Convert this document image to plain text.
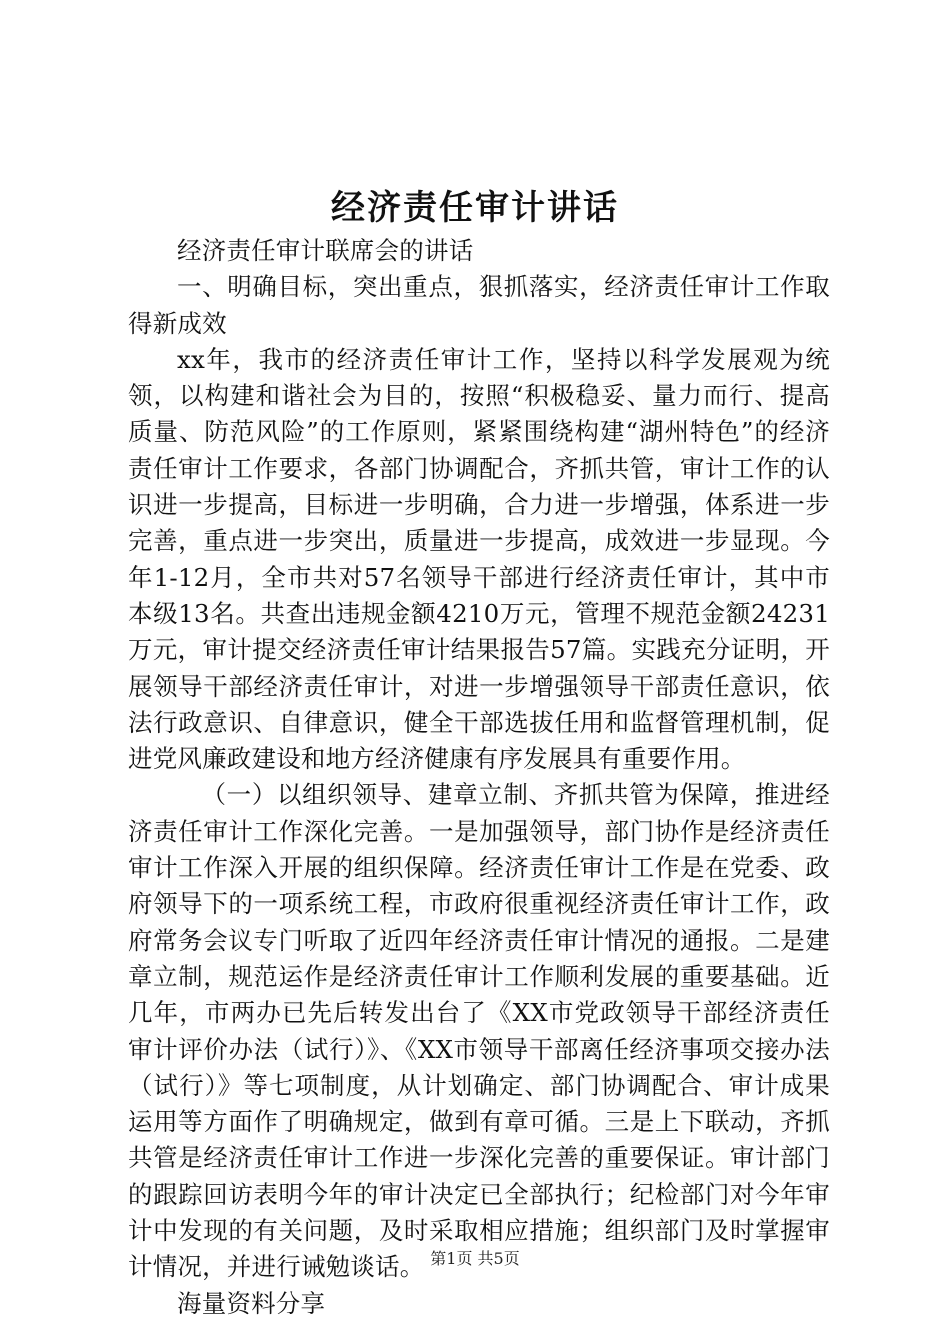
经济责任审计讲话

经济责任审计联席会的讲话

一、明确目标，突出重点，狠抓落实，经济责任审计工作取得新成效

xx年，我市的经济责任审计工作，坚持以科学发展观为统领，以构建和谐社会为目的，按照“积极稳妥、量力而行、提高质量、防范风险”的工作原则，紧紧围绕构建“湖州特色”的经济责任审计工作要求，各部门协调配合，齐抓共管，审计工作的认识进一步提高，目标进一步明确，合力进一步增强，体系进一步完善，重点进一步突出，质量进一步提高，成效进一步显现。今年1-12月，全市共对57名领导干部进行经济责任审计，其中市本级13名。共查出违规金额4210万元，管理不规范金额24231万元，审计提交经济责任审计结果报告57篇。实践充分证明，开展领导干部经济责任审计，对进一步增强领导干部责任意识，依法行政意识、自律意识，健全干部选拔任用和监督管理机制，促进党风廉政建设和地方经济健康有序发展具有重要作用。

（一）以组织领导、建章立制、齐抓共管为保障，推进经济责任审计工作深化完善。一是加强领导，部门协作是经济责任审计工作深入开展的组织保障。经济责任审计工作是在党委、政府领导下的一项系统工程，市政府很重视经济责任审计工作，政府常务会议专门听取了近四年经济责任审计情况的通报。二是建章立制，规范运作是经济责任审计工作顺利发展的重要基础。近几年，市两办已先后转发出台了《XX市党政领导干部经济责任审计评价办法（试行）》、《XX市领导干部离任经济事项交接办法（试行）》等七项制度，从计划确定、部门协调配合、审计成果运用等方面作了明确规定，做到有章可循。三是上下联动，齐抓共管是经济责任审计工作进一步深化完善的重要保证。审计部门的跟踪回访表明今年的审计决定已全部执行；纪检部门对今年审计中发现的有关问题，及时采取相应措施；组织部门及时掌握审计情况，并进行诫勉谈话。

海量资料分享

第1页 共5页
